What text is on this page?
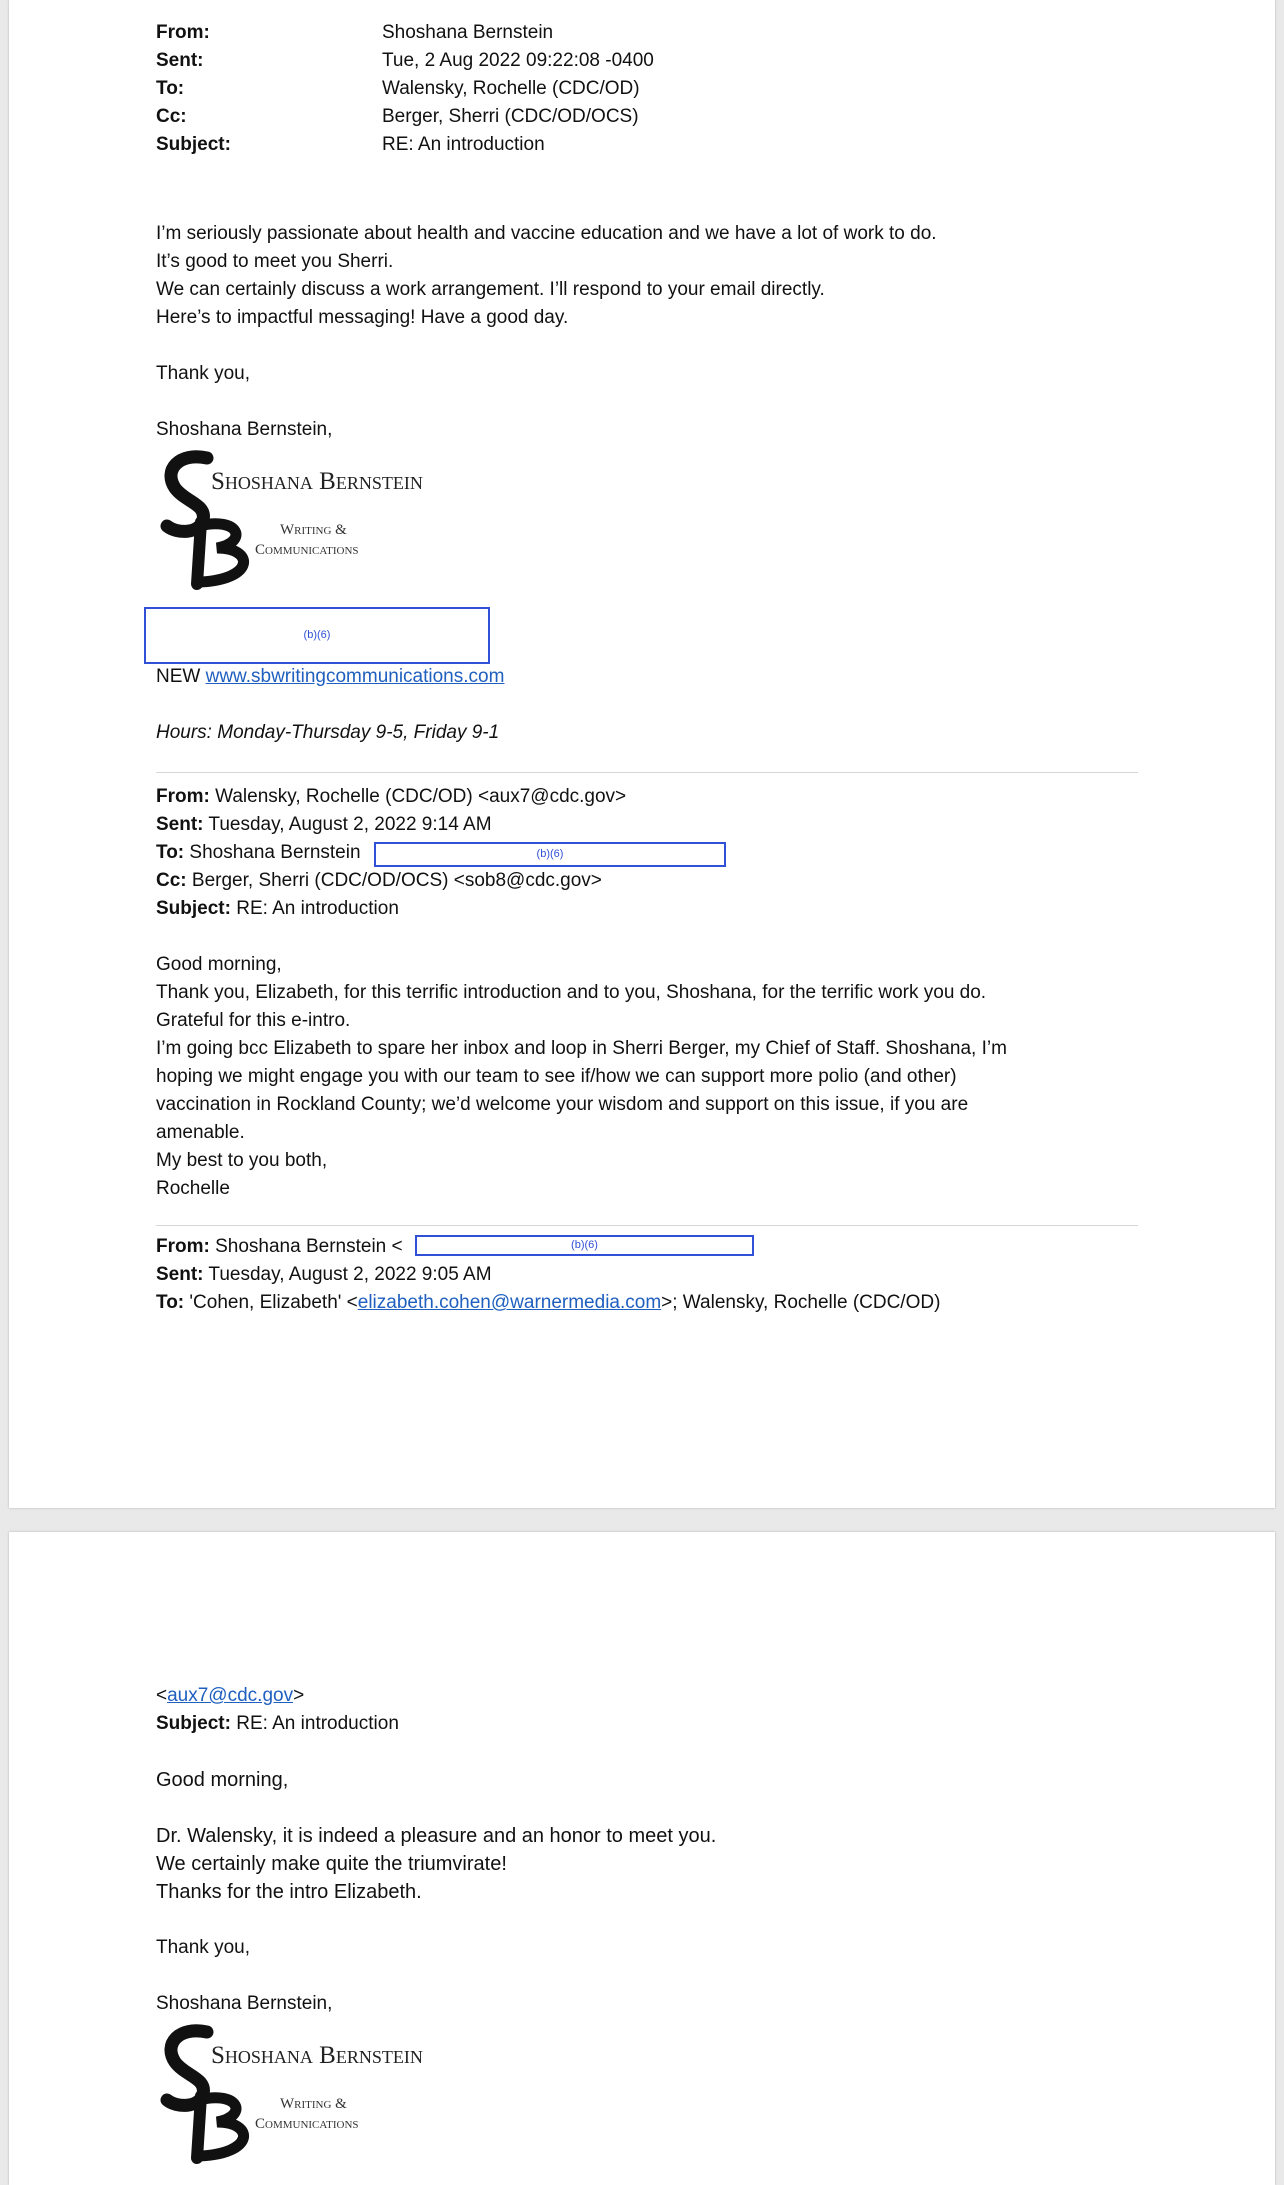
From:	Shoshana Bernstein
Sent:	Tue, 2 Aug 2022 09:22:08 -0400
To:	Walensky, Rochelle (CDC/OD)
Cc:	Berger, Sherri (CDC/OD/OCS)
Subject:	RE: An introduction
I’m seriously passionate about health and vaccine education and we have a lot of work to do.
It’s good to meet you Sherri.
We can certainly discuss a work arrangement. I’ll respond to your email directly.
Here’s to impactful messaging! Have a good day.
Thank you,
Shoshana Bernstein,
Shoshana Bernstein
Writing &
Communications
(b)(6)
NEW www.sbwritingcommunications.com
Hours: Monday-Thursday 9-5, Friday 9-1
From: Walensky, Rochelle (CDC/OD) <aux7@cdc.gov>
Sent: Tuesday, August 2, 2022 9:14 AM
To: Shoshana Bernstein	(b)(6)
Cc: Berger, Sherri (CDC/OD/OCS) <sob8@cdc.gov>
Subject: RE: An introduction
Good morning,
Thank you, Elizabeth, for this terrific introduction and to you, Shoshana, for the terrific work you do.
Grateful for this e-intro.
I’m going bcc Elizabeth to spare her inbox and loop in Sherri Berger, my Chief of Staff. Shoshana, I’m
hoping we might engage you with our team to see if/how we can support more polio (and other)
vaccination in Rockland County; we’d welcome your wisdom and support on this issue, if you are
amenable.
My best to you both,
Rochelle
From: Shoshana Bernstein <	(b)(6)
Sent: Tuesday, August 2, 2022 9:05 AM
To: 'Cohen, Elizabeth' <elizabeth.cohen@warnermedia.com>; Walensky, Rochelle (CDC/OD)
<aux7@cdc.gov>
Subject: RE: An introduction
Good morning,
Dr. Walensky, it is indeed a pleasure and an honor to meet you.
We certainly make quite the triumvirate!
Thanks for the intro Elizabeth.
Thank you,
Shoshana Bernstein,
Shoshana Bernstein
Writing &
Communications
